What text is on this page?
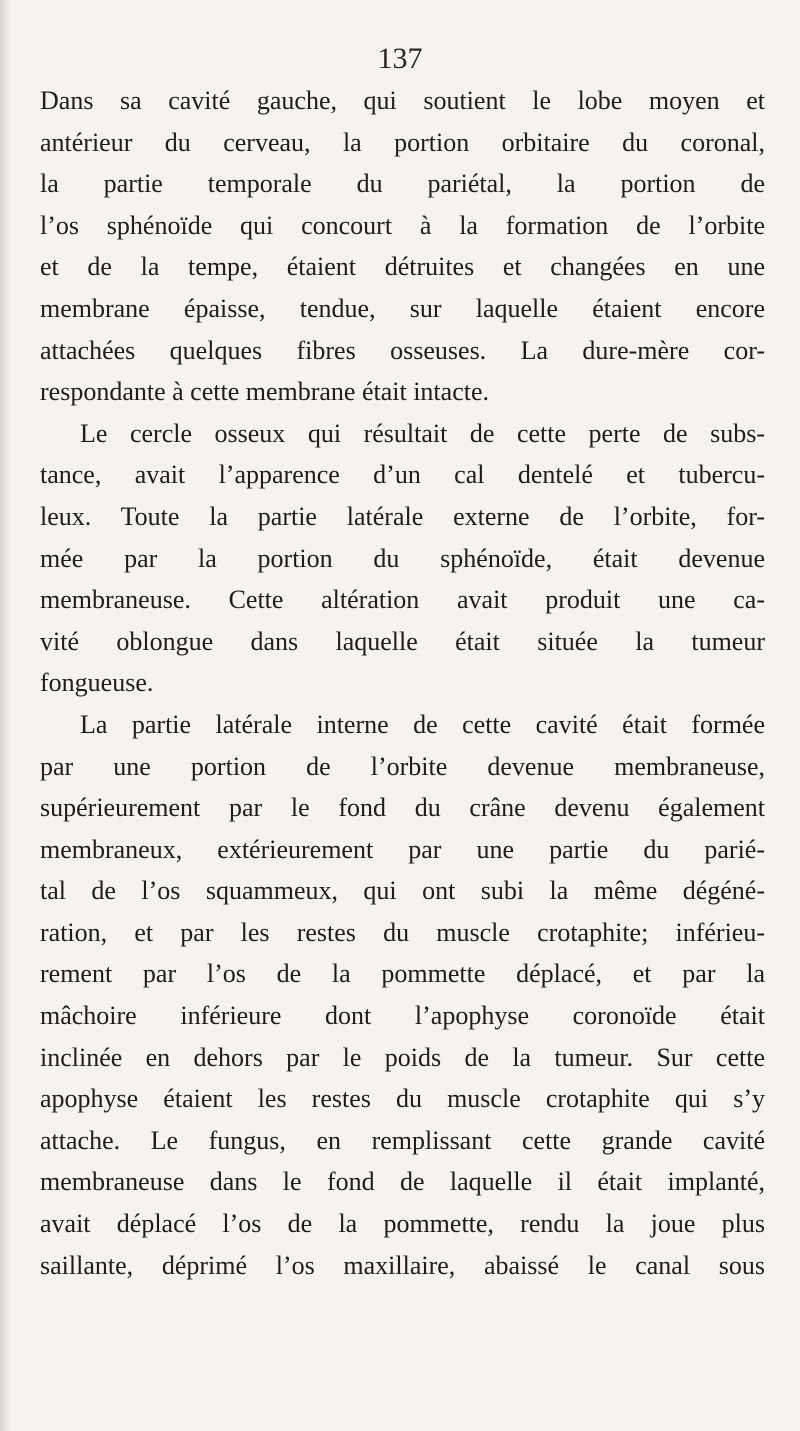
137
Dans sa cavité gauche, qui soutient le lobe moyen et
antérieur du cerveau, la portion orbitaire du coronal,
la partie temporale du pariétal, la portion de
l’os sphénoïde qui concourt à la formation de l’orbite
et de la tempe, étaient détruites et changées en une
membrane épaisse, tendue, sur laquelle étaient encore
attachées quelques fibres osseuses. La dure-mère cor-
respondante à cette membrane était intacte.
Le cercle osseux qui résultait de cette perte de subs-
tance, avait l’apparence d’un cal dentelé et tubercu-
leux. Toute la partie latérale externe de l’orbite, for-
mée par la portion du sphénoïde, était devenue
membraneuse. Cette altération avait produit une ca-
vité oblongue dans laquelle était située la tumeur
fongueuse.
La partie latérale interne de cette cavité était formée
par une portion de l’orbite devenue membraneuse,
supérieurement par le fond du crâne devenu également
membraneux, extérieurement par une partie du parié-
tal de l’os squammeux, qui ont subi la même dégéné-
ration, et par les restes du muscle crotaphite; inférieu-
rement par l’os de la pommette déplacé, et par la
mâchoire inférieure dont l’apophyse coronoïde était
inclinée en dehors par le poids de la tumeur. Sur cette
apophyse étaient les restes du muscle crotaphite qui s’y
attache. Le fungus, en remplissant cette grande cavité
membraneuse dans le fond de laquelle il était implanté,
avait déplacé l’os de la pommette, rendu la joue plus
saillante, déprimé l’os maxillaire, abaissé le canal sous
